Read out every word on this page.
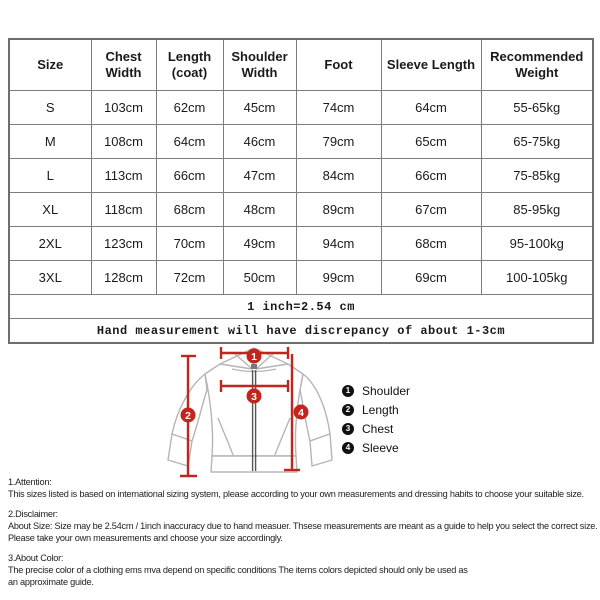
Size	Chest Width	Length (coat)	Shoulder Width	Foot	Sleeve Length	Recommended Weight
S	103cm	62cm	45cm	74cm	64cm	55-65kg
M	108cm	64cm	46cm	79cm	65cm	65-75kg
L	113cm	66cm	47cm	84cm	66cm	75-85kg
XL	118cm	68cm	48cm	89cm	67cm	85-95kg
2XL	123cm	70cm	49cm	94cm	68cm	95-100kg
3XL	128cm	72cm	50cm	99cm	69cm	100-105kg
1 inch=2.54 cm						
Hand measurement will have discrepancy of about 1-3cm						
1
2
3
4
1 Shoulder
2 Length
3 Chest
4 Sleeve
1.Attention:
This sizes listed is based on international sizing system, please according to your own measurements and dressing habits to choose your suitable size.
2.Disclaimer:
About Size: Size may be 2.54cm / 1inch inaccuracy due to hand measuer. Thsese measurements are meant as a guide to help you select the correct size.
Please take your own measurements and choose your size accordingly.
3.About Color:
The precise color of a clothing ems mva depend on specific conditions The items colors depicted should only be used as
an approximate guide.
